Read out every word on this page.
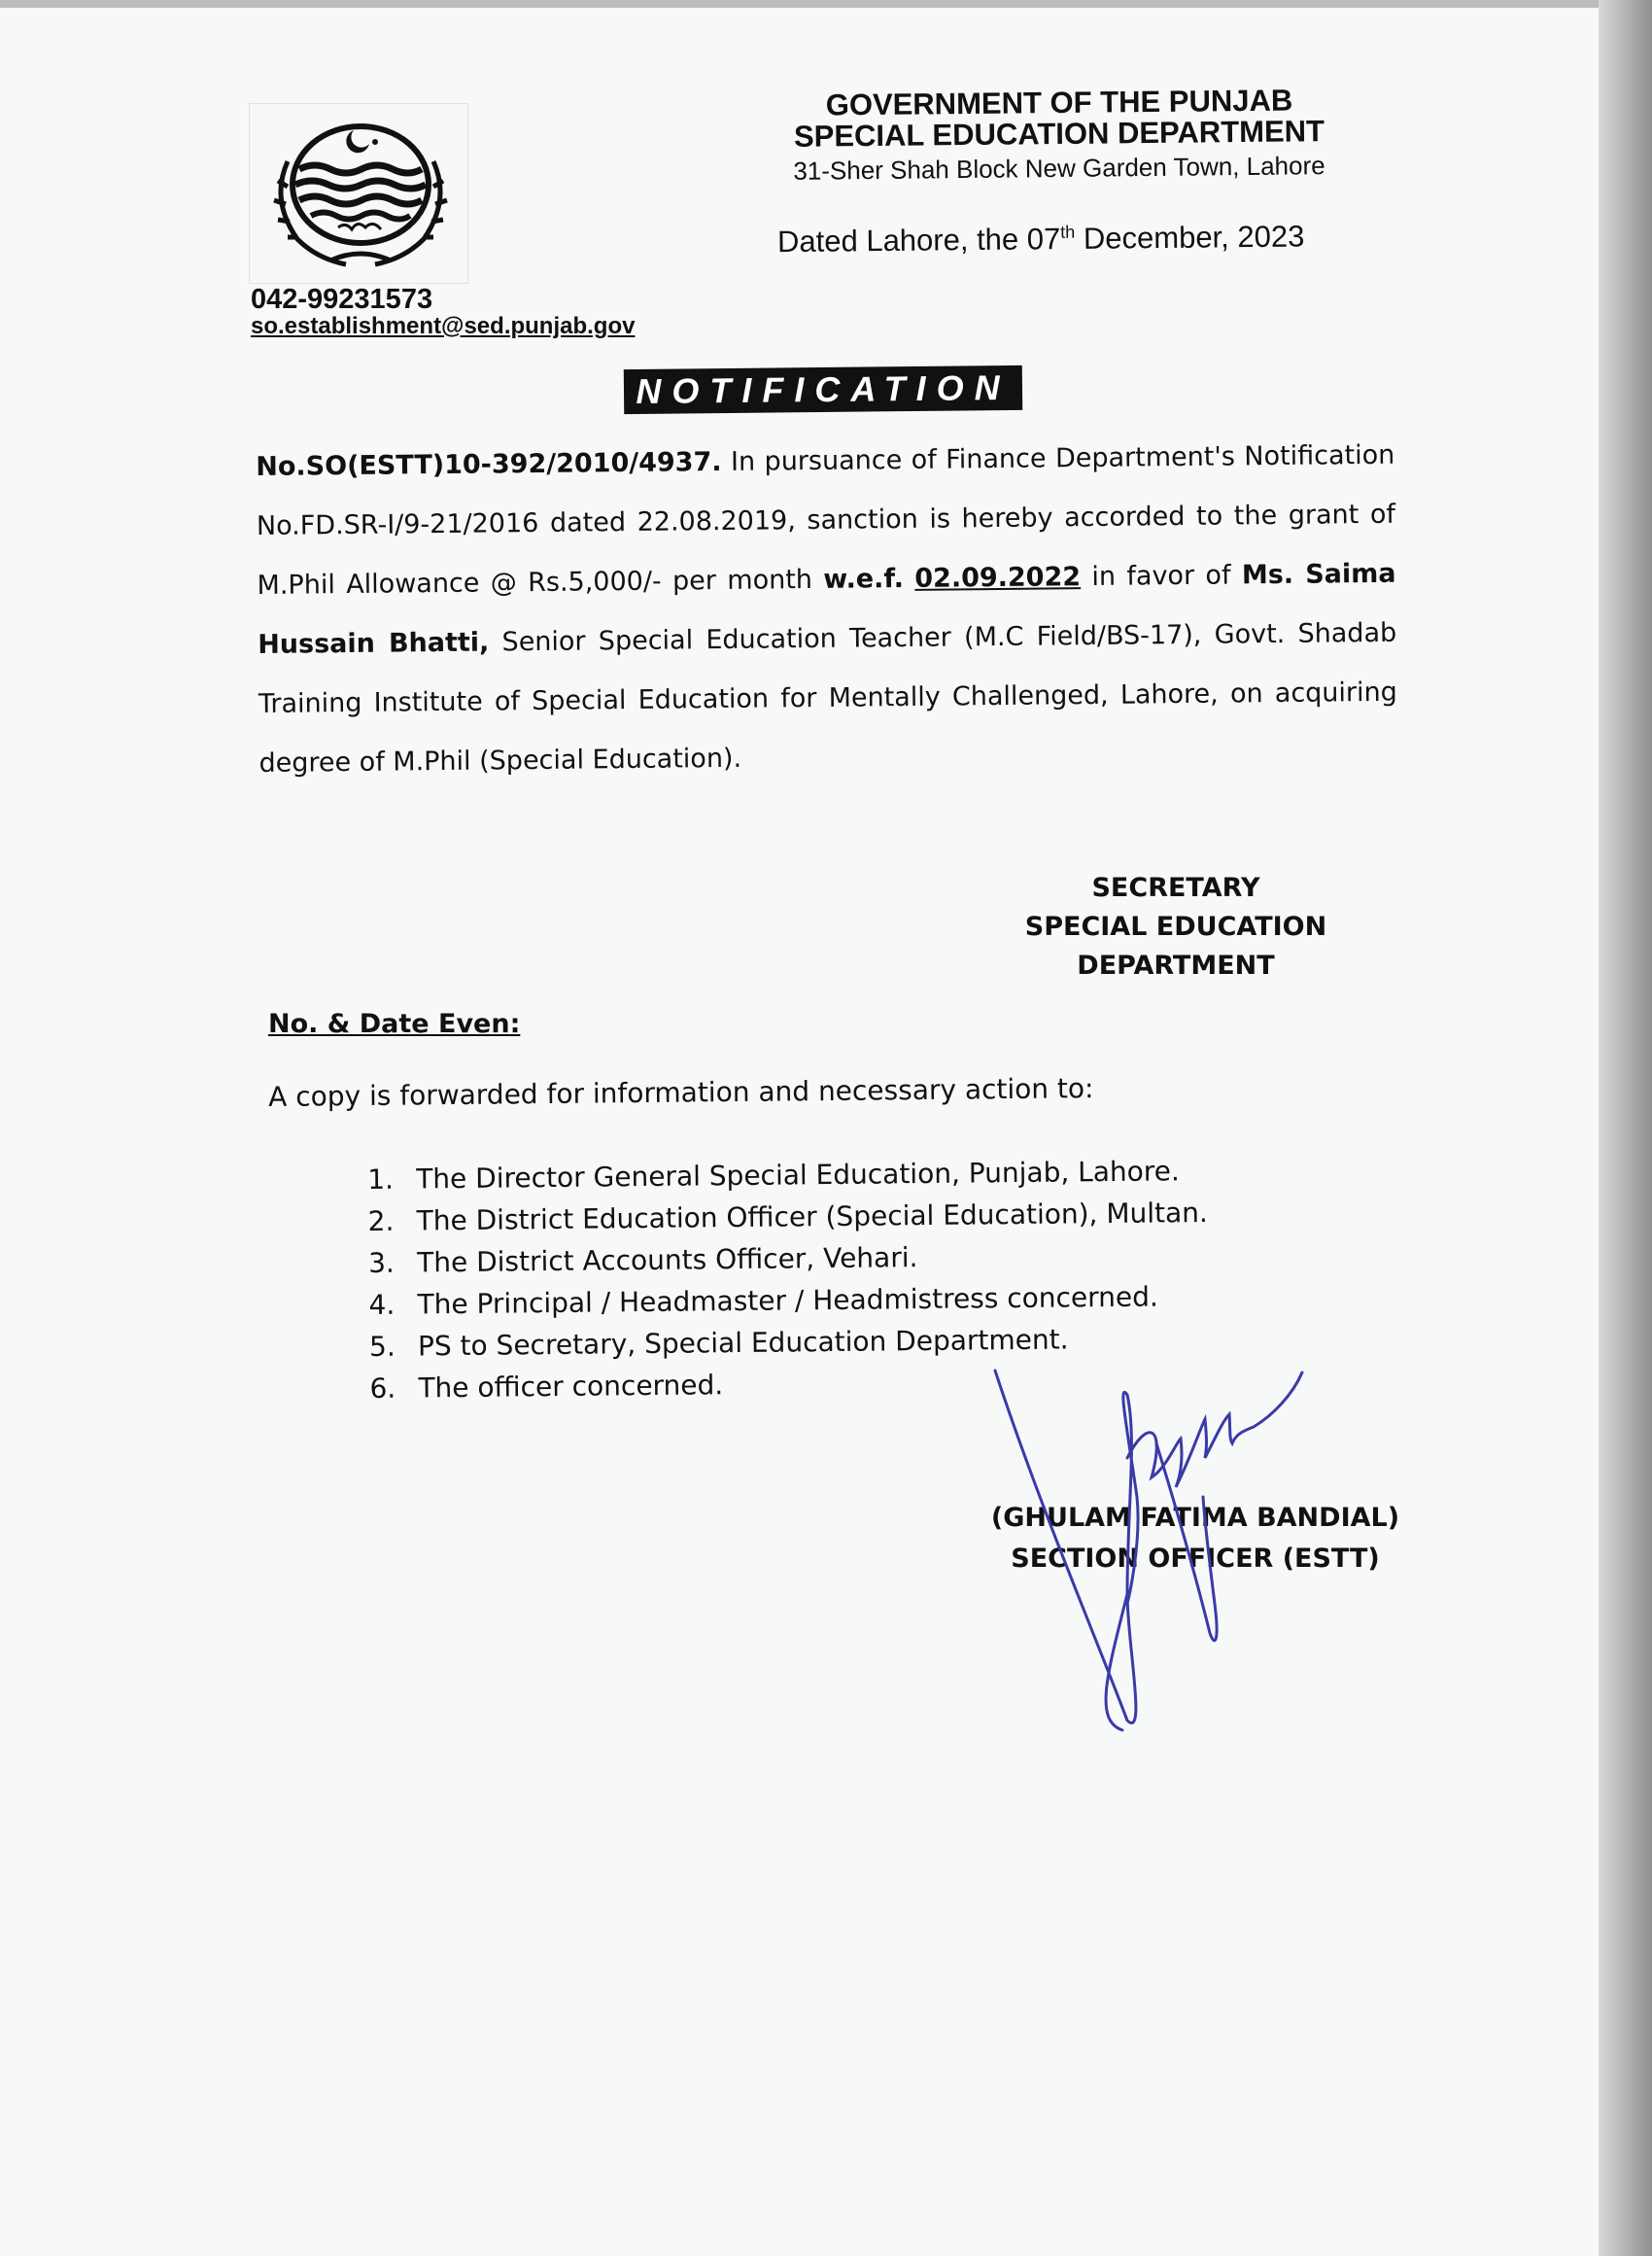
GOVERNMENT OF THE PUNJAB
SPECIAL EDUCATION DEPARTMENT
31-Sher Shah Block New Garden Town, Lahore
Dated Lahore, the 07th December, 2023
042-99231573
so.establishment@sed.punjab.gov
NOTIFICATION
No.SO(ESTT)10-392/2010/4937. In pursuance of Finance Department's Notification No.FD.SR-I/9-21/2016 dated 22.08.2019, sanction is hereby accorded to the grant of M.Phil Allowance @ Rs.5,000/- per month w.e.f. 02.09.2022 in favor of Ms. Saima Hussain Bhatti, Senior Special Education Teacher (M.C Field/BS-17), Govt. Shadab Training Institute of Special Education for Mentally Challenged, Lahore, on acquiring degree of M.Phil (Special Education).
SECRETARY
SPECIAL EDUCATION
DEPARTMENT
No. & Date Even:
A copy is forwarded for information and necessary action to:
1. The Director General Special Education, Punjab, Lahore.
2. The District Education Officer (Special Education), Multan.
3. The District Accounts Officer, Vehari.
4. The Principal / Headmaster / Headmistress concerned.
5. PS to Secretary, Special Education Department.
6. The officer concerned.
(GHULAM FATIMA BANDIAL)
SECTION OFFICER (ESTT)
